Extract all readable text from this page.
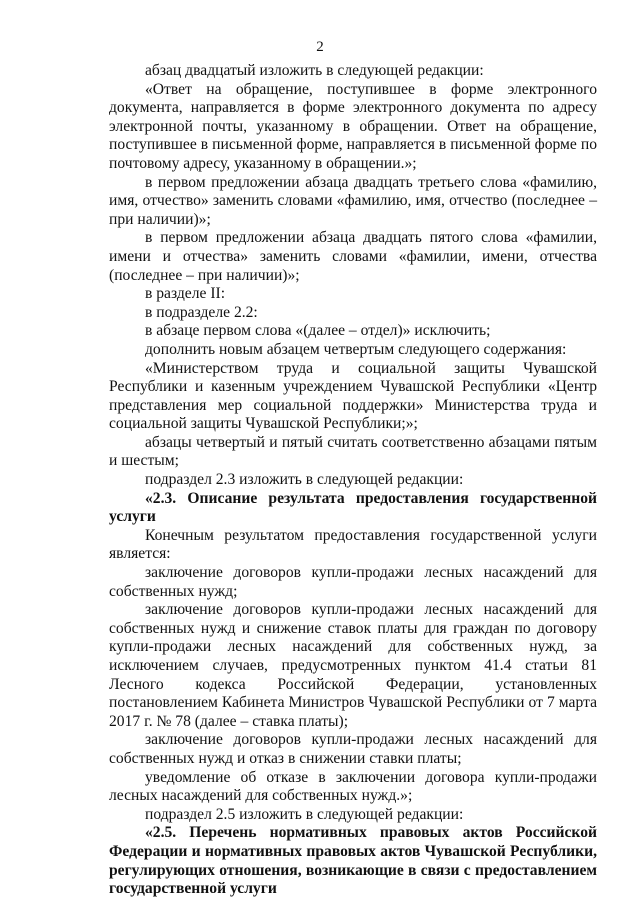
2

абзац двадцатый изложить в следующей редакции:

«Ответ на обращение, поступившее в форме электронного документа, направляется в форме электронного документа по адресу электронной почты, указанному в обращении. Ответ на обращение, поступившее в письменной форме, направляется в письменной форме по почтовому адресу, указанному в обращении.»;

в первом предложении абзаца двадцать третьего слова «фамилию, имя, отчество» заменить словами «фамилию, имя, отчество (последнее – при наличии)»;

в первом предложении абзаца двадцать пятого слова «фамилии, имени и отчества» заменить словами «фамилии, имени, отчества (последнее – при наличии)»;

в разделе II:

в подразделе 2.2:

в абзаце первом слова «(далее – отдел)» исключить;

дополнить новым абзацем четвертым следующего содержания:

«Министерством труда и социальной защиты Чувашской Республики и казенным учреждением Чувашской Республики «Центр представления мер социальной поддержки» Министерства труда и социальной защиты Чувашской Республики;»;

абзацы четвертый и пятый считать соответственно абзацами пятым и шестым;

подраздел 2.3 изложить в следующей редакции:

«2.3. Описание результата предоставления государственной услуги

Конечным результатом предоставления государственной услуги является:

заключение договоров купли-продажи лесных насаждений для собственных нужд;

заключение договоров купли-продажи лесных насаждений для собственных нужд и снижение ставок платы для граждан по договору купли-продажи лесных насаждений для собственных нужд, за исключением случаев, предусмотренных пунктом 41.4 статьи 81 Лесного кодекса Российской Федерации, установленных постановлением Кабинета Министров Чувашской Республики от 7 марта 2017 г. № 78 (далее – ставка платы);

заключение договоров купли-продажи лесных насаждений для собственных нужд и отказ в снижении ставки платы;

уведомление об отказе в заключении договора купли-продажи лесных насаждений для собственных нужд.»;

подраздел 2.5 изложить в следующей редакции:

«2.5. Перечень нормативных правовых актов Российской Федерации и нормативных правовых актов Чувашской Республики, регулирующих отношения, возникающие в связи с предоставлением государственной услуги
